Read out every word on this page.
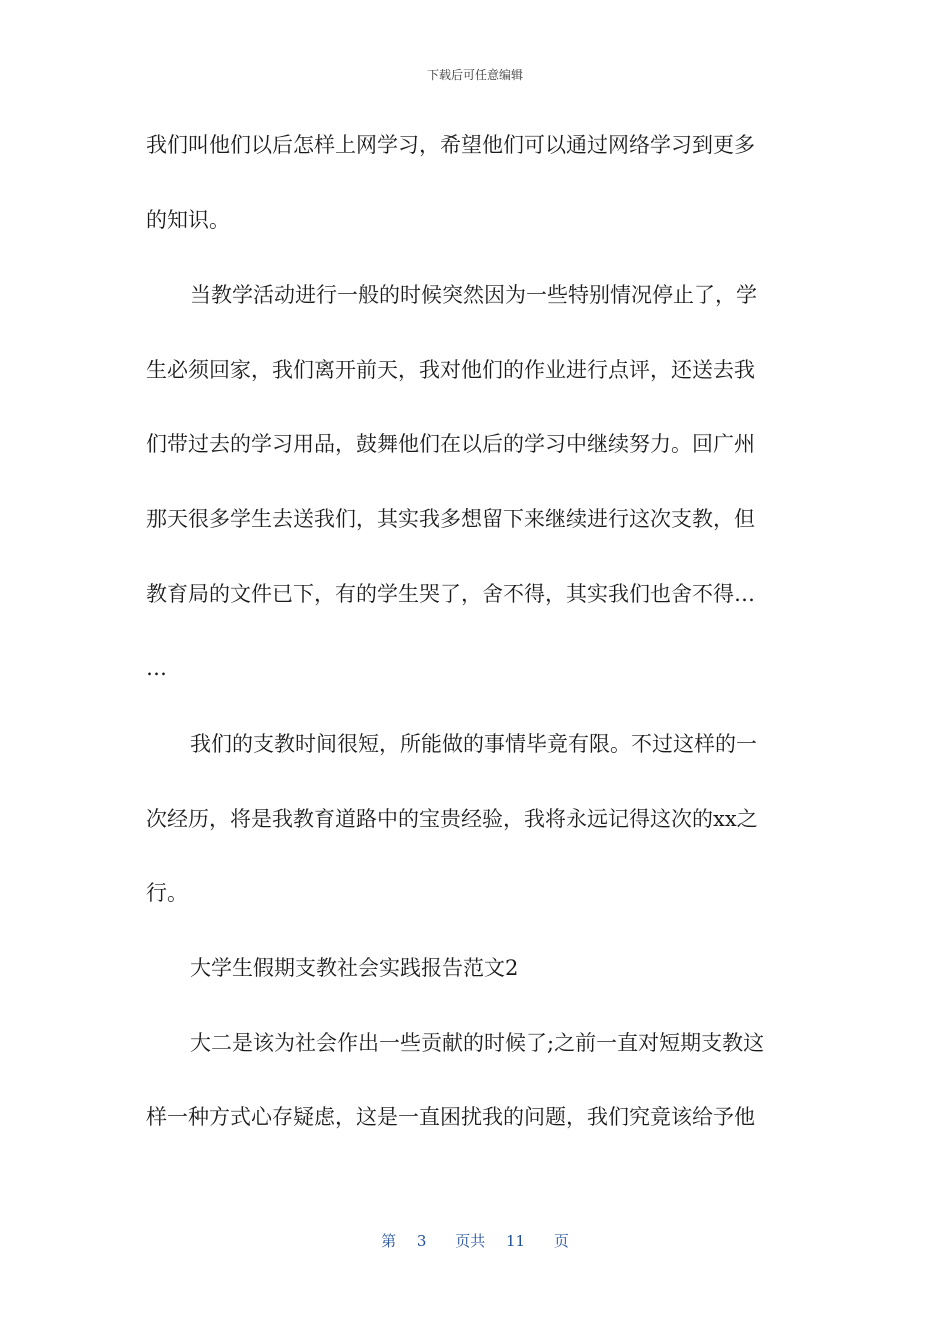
下载后可任意编辑
我们叫他们以后怎样上网学习，希望他们可以通过网络学习到更多
的知识。
当教学活动进行一般的时候突然因为一些特别情况停止了，学
生必须回家，我们离开前天，我对他们的作业进行点评，还送去我
们带过去的学习用品，鼓舞他们在以后的学习中继续努力。回广州
那天很多学生去送我们，其实我多想留下来继续进行这次支教，但
教育局的文件已下，有的学生哭了，舍不得，其实我们也舍不得…
…
我们的支教时间很短，所能做的事情毕竟有限。不过这样的一
次经历，将是我教育道路中的宝贵经验，我将永远记得这次的xx之
行。
大学生假期支教社会实践报告范文2
大二是该为社会作出一些贡献的时候了;之前一直对短期支教这
样一种方式心存疑虑，这是一直困扰我的问题，我们究竟该给予他
第 3 页共 11 页
